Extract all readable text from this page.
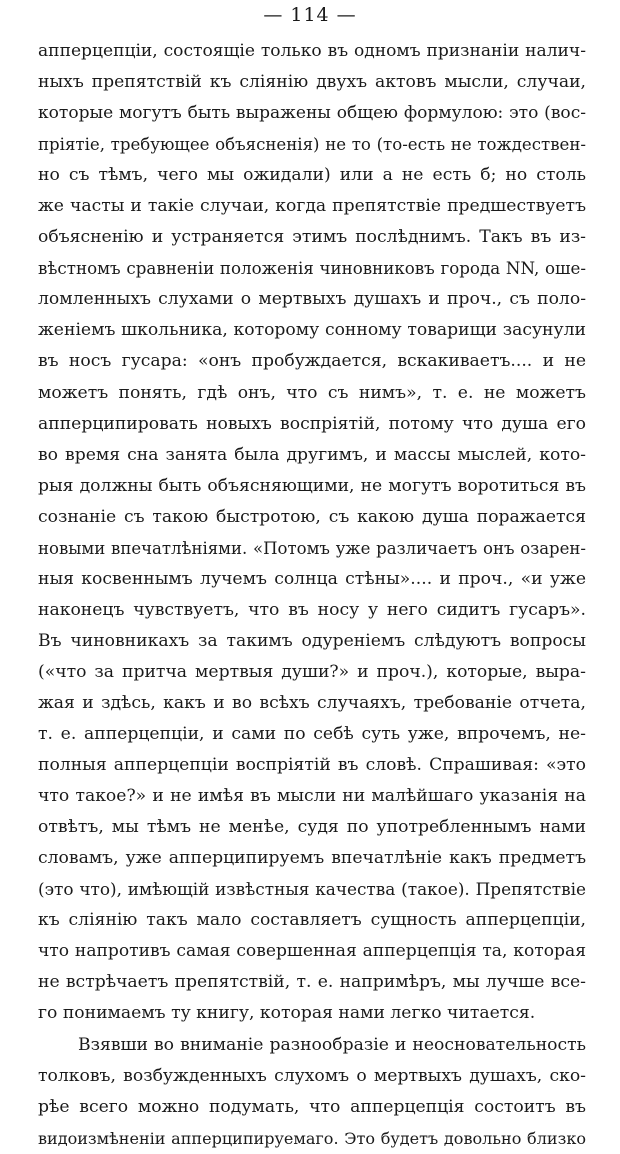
— 114 —
апперцепціи, состоящіе только въ одномъ признаніи налич-
ныхъ препятствій къ слiянію двухъ актовъ мысли, случаи,
которые могутъ быть выражены общею формулою: это (вос-
пріятіе, требующее объясненія) не то (то-есть не тождествен-
но съ тѣмъ, чего мы ожидали) или а не есть б; но столь
же часты и такіе случаи, когда препятствіе предшествуетъ
объясненію и устраняется этимъ послѣднимъ. Такъ въ из-
вѣстномъ сравненіи положенія чиновниковъ города NN, оше-
ломленныхъ слухами о мертвыхъ душахъ и проч., съ поло-
женіемъ школьника, которому сонному товарищи засунули
въ носъ гусара: «онъ пробуждается, вскакиваетъ.... и не
можетъ понять, гдѣ онъ, что съ нимъ», т. е. не можетъ
апперципировать новыхъ воспріятій, потому что душа его
во время сна занята была другимъ, и массы мыслей, кото-
рыя должны быть объясняющими, не могутъ воротиться въ
сознаніе съ такою быстротою, съ какою душа поражается
новыми впечатлѣніями. «Потомъ уже различаетъ онъ озарен-
ныя косвеннымъ лучемъ солнца стѣны».... и проч., «и уже
наконецъ чувствуетъ, что въ носу у него сидитъ гусаръ».
Въ чиновникахъ за такимъ одуреніемъ слѣдуютъ вопросы
(«что за притча мертвыя души?» и проч.), которые, выра-
жая и здѣсь, какъ и во всѣхъ случаяхъ, требованіе отчета,
т. е. апперцепціи, и сами по себѣ суть уже, впрочемъ, не-
полныя апперцепціи воспріятій въ словѣ. Спрашивая: «это
что такое?» и не имѣя въ мысли ни малѣйшаго указанія на
отвѣтъ, мы тѣмъ не менѣе, судя по употребленнымъ нами
словамъ, уже апперципируемъ впечатлѣніе какъ предметъ
(это что), имѣющій извѣстныя качества (такое). Препятствіе
къ слiянію такъ мало составляетъ сущность апперцепціи,
что напротивъ самая совершенная апперцепція та, которая
не встрѣчаетъ препятствій, т. е. напримѣръ, мы лучше все-
го понимаемъ ту книгу, которая нами легко читается.
Взявши во вниманіе разнообразіе и неосновательность
толковъ, возбужденныхъ слухомъ о мертвыхъ душахъ, ско-
рѣе всего можно подумать, что апперцепція состоитъ въ
видоизмѣненіи апперципируемаго. Это будетъ довольно близко
